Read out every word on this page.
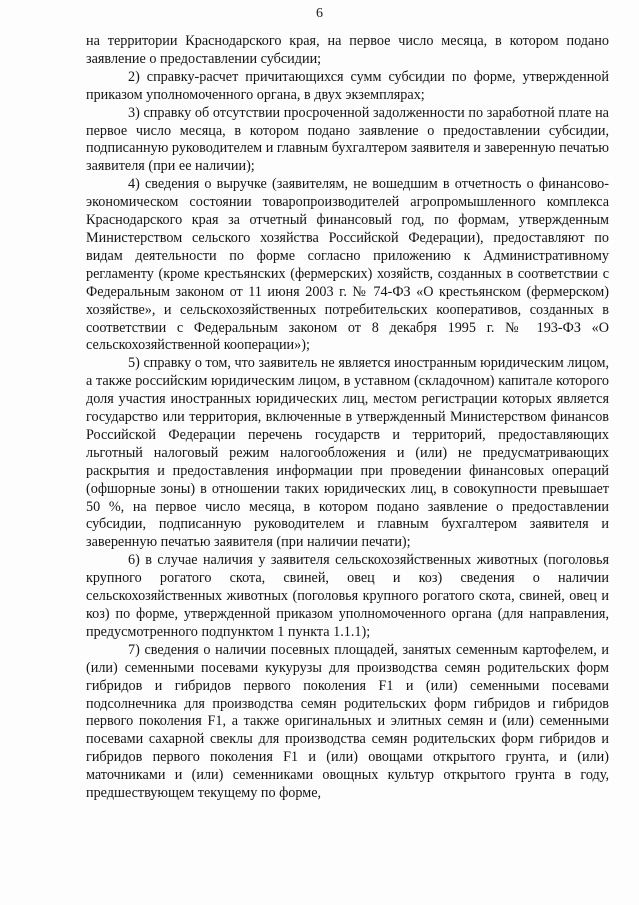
6

на территории Краснодарского края, на первое число месяца, в котором подано заявление о предоставлении субсидии;

2) справку-расчет причитающихся сумм субсидии по форме, утвержденной приказом уполномоченного органа, в двух экземплярах;

3) справку об отсутствии просроченной задолженности по заработной плате на первое число месяца, в котором подано заявление о предоставлении субсидии, подписанную руководителем и главным бухгалтером заявителя и заверенную печатью заявителя (при ее наличии);

4) сведения о выручке (заявителям, не вошедшим в отчетность о финансово-экономическом состоянии товаропроизводителей агропромышленного комплекса Краснодарского края за отчетный финансовый год, по формам, утвержденным Министерством сельского хозяйства Российской Федерации), предоставляют по видам деятельности по форме согласно приложению к Административному регламенту (кроме крестьянских (фермерских) хозяйств, созданных в соответствии с Федеральным законом от 11 июня 2003 г. № 74-ФЗ «О крестьянском (фермерском) хозяйстве», и сельскохозяйственных потребительских кооперативов, созданных в соответствии с Федеральным законом от 8 декабря 1995 г. № 193-ФЗ «О сельскохозяйственной кооперации»);

5) справку о том, что заявитель не является иностранным юридическим лицом, а также российским юридическим лицом, в уставном (складочном) капитале которого доля участия иностранных юридических лиц, местом регистрации которых является государство или территория, включенные в утвержденный Министерством финансов Российской Федерации перечень государств и территорий, предоставляющих льготный налоговый режим налогообложения и (или) не предусматривающих раскрытия и предоставления информации при проведении финансовых операций (офшорные зоны) в отношении таких юридических лиц, в совокупности превышает 50 %, на первое число месяца, в котором подано заявление о предоставлении субсидии, подписанную руководителем и главным бухгалтером заявителя и заверенную печатью заявителя (при наличии печати);

6) в случае наличия у заявителя сельскохозяйственных животных (поголовья крупного рогатого скота, свиней, овец и коз) сведения о наличии сельскохозяйственных животных (поголовья крупного рогатого скота, свиней, овец и коз) по форме, утвержденной приказом уполномоченного органа (для направления, предусмотренного подпунктом 1 пункта 1.1.1);

7) сведения о наличии посевных площадей, занятых семенным картофелем, и (или) семенными посевами кукурузы для производства семян родительских форм гибридов и гибридов первого поколения F1 и (или) семенными посевами подсолнечника для производства семян родительских форм гибридов и гибридов первого поколения F1, а также оригинальных и элитных семян и (или) семенными посевами сахарной свеклы для производства семян родительских форм гибридов и гибридов первого поколения F1 и (или) овощами открытого грунта, и (или) маточниками и (или) семенниками овощных культур открытого грунта в году, предшествующем текущему по форме,
